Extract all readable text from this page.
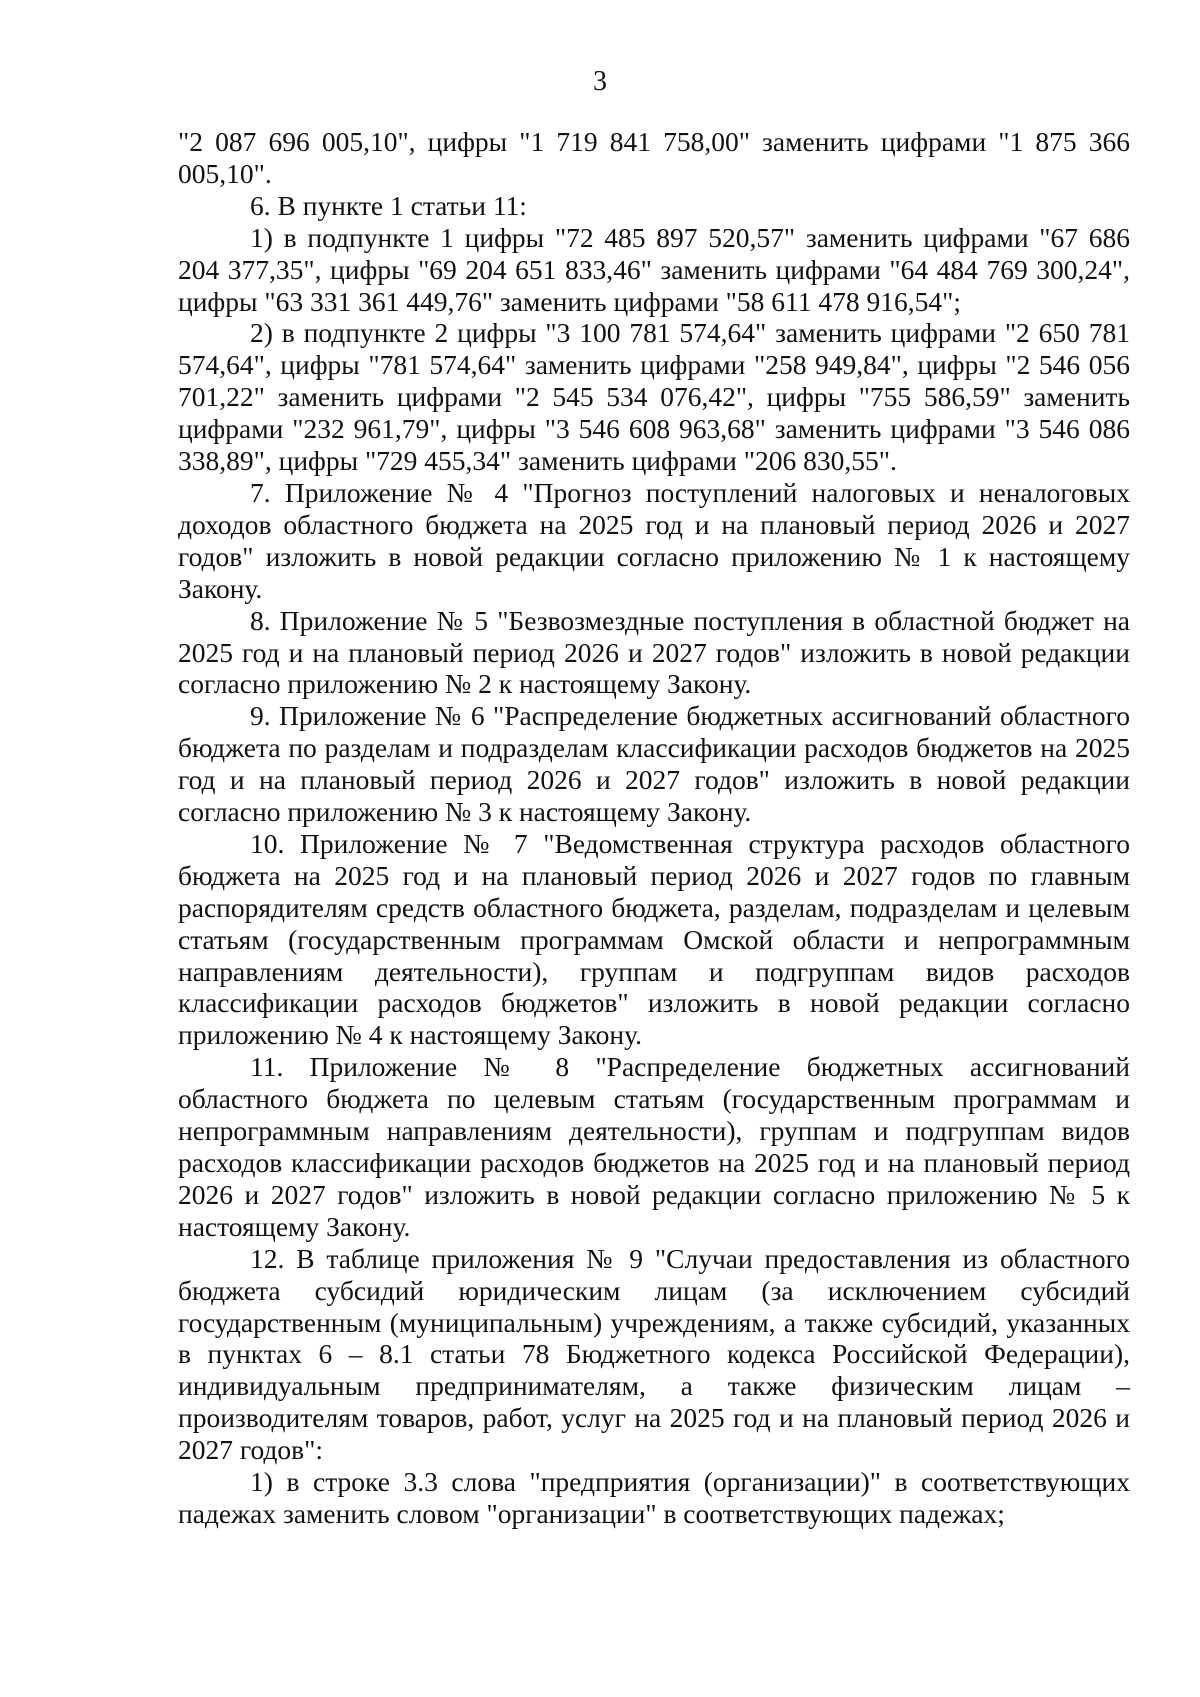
3

"2 087 696 005,10", цифры "1 719 841 758,00" заменить цифрами "1 875 366 005,10".

6. В пункте 1 статьи 11:

1) в подпункте 1 цифры "72 485 897 520,57" заменить цифрами "67 686 204 377,35", цифры "69 204 651 833,46" заменить цифрами "64 484 769 300,24", цифры "63 331 361 449,76" заменить цифрами "58 611 478 916,54";

2) в подпункте 2 цифры "3 100 781 574,64" заменить цифрами "2 650 781 574,64", цифры "781 574,64" заменить цифрами "258 949,84", цифры "2 546 056 701,22" заменить цифрами "2 545 534 076,42", цифры "755 586,59" заменить цифрами "232 961,79", цифры "3 546 608 963,68" заменить цифрами "3 546 086 338,89", цифры "729 455,34" заменить цифрами "206 830,55".

7. Приложение № 4 "Прогноз поступлений налоговых и неналоговых доходов областного бюджета на 2025 год и на плановый период 2026 и 2027 годов" изложить в новой редакции согласно приложению № 1 к настоящему Закону.

8. Приложение № 5 "Безвозмездные поступления в областной бюджет на 2025 год и на плановый период 2026 и 2027 годов" изложить в новой редакции согласно приложению № 2 к настоящему Закону.

9. Приложение № 6 "Распределение бюджетных ассигнований областного бюджета по разделам и подразделам классификации расходов бюджетов на 2025 год и на плановый период 2026 и 2027 годов" изложить в новой редакции согласно приложению № 3 к настоящему Закону.

10. Приложение № 7 "Ведомственная структура расходов областного бюджета на 2025 год и на плановый период 2026 и 2027 годов по главным распорядителям средств областного бюджета, разделам, подразделам и целевым статьям (государственным программам Омской области и непрограммным направлениям деятельности), группам и подгруппам видов расходов классификации расходов бюджетов" изложить в новой редакции согласно приложению № 4 к настоящему Закону.

11. Приложение № 8 "Распределение бюджетных ассигнований областного бюджета по целевым статьям (государственным программам и непрограммным направлениям деятельности), группам и подгруппам видов расходов классификации расходов бюджетов на 2025 год и на плановый период 2026 и 2027 годов" изложить в новой редакции согласно приложению № 5 к настоящему Закону.

12. В таблице приложения № 9 "Случаи предоставления из областного бюджета субсидий юридическим лицам (за исключением субсидий государственным (муниципальным) учреждениям, а также субсидий, указанных в пунктах 6 – 8.1 статьи 78 Бюджетного кодекса Российской Федерации), индивидуальным предпринимателям, а также физическим лицам – производителям товаров, работ, услуг на 2025 год и на плановый период 2026 и 2027 годов":

1) в строке 3.3 слова "предприятия (организации)" в соответствующих падежах заменить словом "организации" в соответствующих падежах;
